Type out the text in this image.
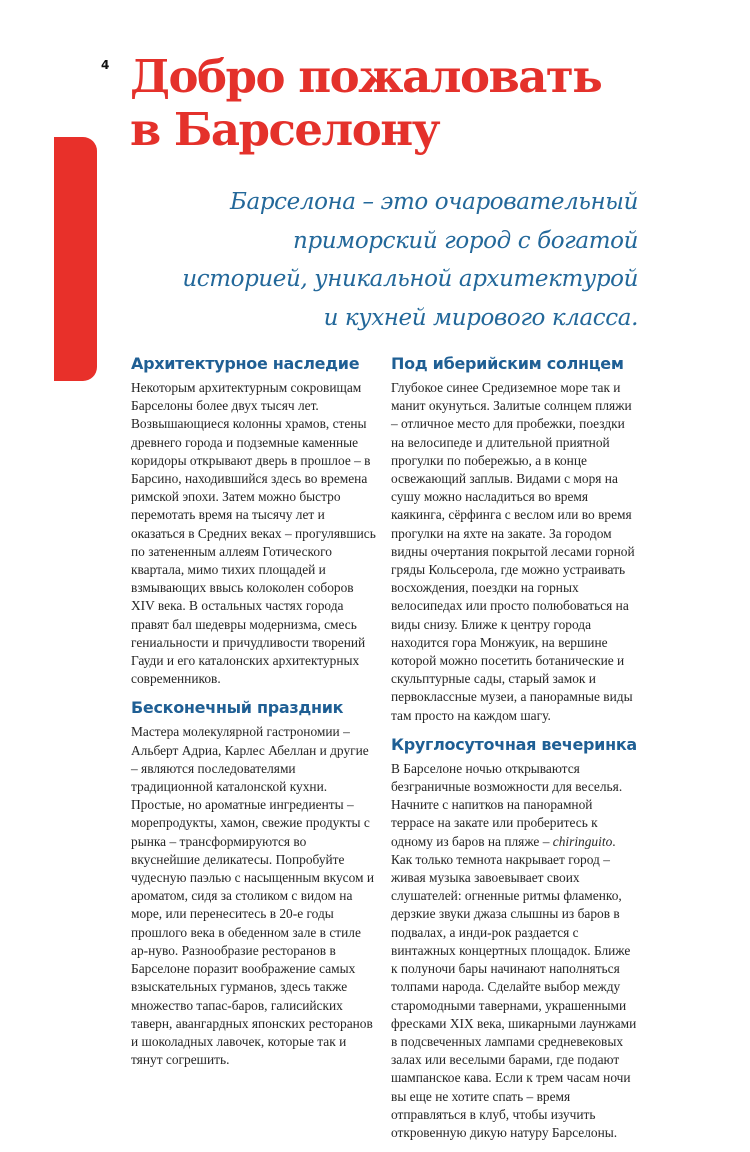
4 Добро пожаловать
в Барселону

Барселона – это очаровательный приморский город с богатой историей, уникальной архитектурой и кухней мирового класса.

Архитектурное наследие

Некоторым архитектурным сокровищам Барселоны более двух тысяч лет. Возвышающиеся колонны храмов, стены древнего города и подземные каменные коридоры открывают дверь в прошлое – в Барсино, находившийся здесь во времена римской эпохи. Затем можно быстро перемотать время на тысячу лет и оказаться в Средних веках – прогулявшись по затененным аллеям Готического квартала, мимо тихих площадей и взмывающих ввысь колоколен соборов XIV века. В остальных частях города правят бал шедевры модернизма, смесь гениальности и причудливости творений Гауди и его каталонских архитектурных современников.

Бесконечный праздник

Мастера молекулярной гастрономии – Альберт Адриа, Карлес Абеллан и другие – являются последователями традиционной каталонской кухни. Простые, но ароматные ингредиенты – морепродукты, хамон, свежие продукты с рынка – трансформируются во вкуснейшие деликатесы. Попробуйте чудесную паэлью с насыщенным вкусом и ароматом, сидя за столиком с видом на море, или перенеситесь в 20-е годы прошлого века в обеденном зале в стиле ар-нуво. Разнообразие ресторанов в Барселоне поразит воображение самых взыскательных гурманов, здесь также множество тапас-баров, галисийских таверн, авангардных японских ресторанов и шоколадных лавочек, которые так и тянут согрешить.

Под иберийским солнцем

Глубокое синее Средиземное море так и манит окунуться. Залитые солнцем пляжи – отличное место для пробежки, поездки на велосипеде и длительной приятной прогулки по побережью, а в конце освежающий заплыв. Видами с моря на сушу можно насладиться во время каякинга, сёрфинга с веслом или во время прогулки на яхте на закате. За городом видны очертания покрытой лесами горной гряды Кольсерола, где можно устраивать восхождения, поездки на горных велосипедах или просто полюбоваться на виды снизу. Ближе к центру города находится гора Монжуик, на вершине которой можно посетить ботанические и скульптурные сады, старый замок и первоклассные музеи, а панорамные виды там просто на каждом шагу.

Круглосуточная вечеринка

В Барселоне ночью открываются безграничные возможности для веселья. Начните с напитков на панорамной террасе на закате или проберитесь к одному из баров на пляже – chiringuito. Как только темнота накрывает город – живая музыка завоевывает своих слушателей: огненные ритмы фламенко, дерзкие звуки джаза слышны из баров в подвалах, а инди-рок раздается с винтажных концертных площадок. Ближе к полуночи бары начинают наполняться толпами народа. Сделайте выбор между старомодными тавернами, украшенными фресками XIX века, шикарными лаунжами в подсвеченных лампами средневековых залах или веселыми барами, где подают шампанское кава. Если к трем часам ночи вы еще не хотите спать – время отправляться в клуб, чтобы изучить откровенную дикую натуру Барселоны.
